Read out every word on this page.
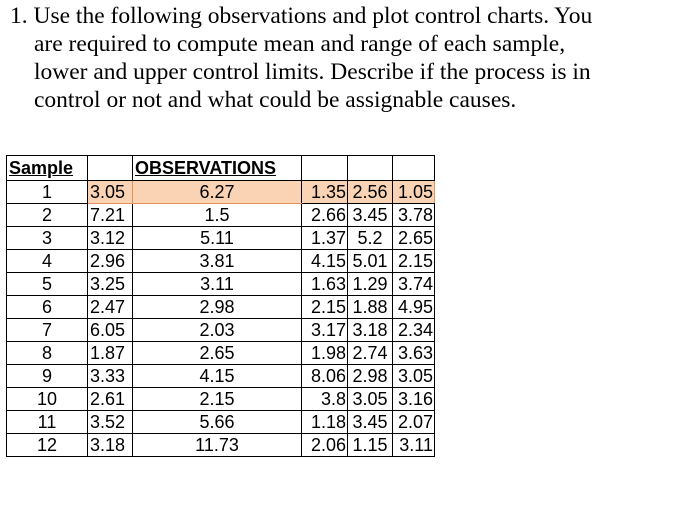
1. Use the following observations and plot control charts. You
are required to compute mean and range of each sample,
lower and upper control limits. Describe if the process is in
control or not and what could be assignable causes.
Sample		OBSERVATIONS			
1	3.05	6.27	1.35	2.56	1.05
2	7.21	1.5	2.66	3.45	3.78
3	3.12	5.11	1.37	5.2	2.65
4	2.96	3.81	4.15	5.01	2.15
5	3.25	3.11	1.63	1.29	3.74
6	2.47	2.98	2.15	1.88	4.95
7	6.05	2.03	3.17	3.18	2.34
8	1.87	2.65	1.98	2.74	3.63
9	3.33	4.15	8.06	2.98	3.05
10	2.61	2.15	3.8	3.05	3.16
11	3.52	5.66	1.18	3.45	2.07
12	3.18	11.73	2.06	1.15	3.11
